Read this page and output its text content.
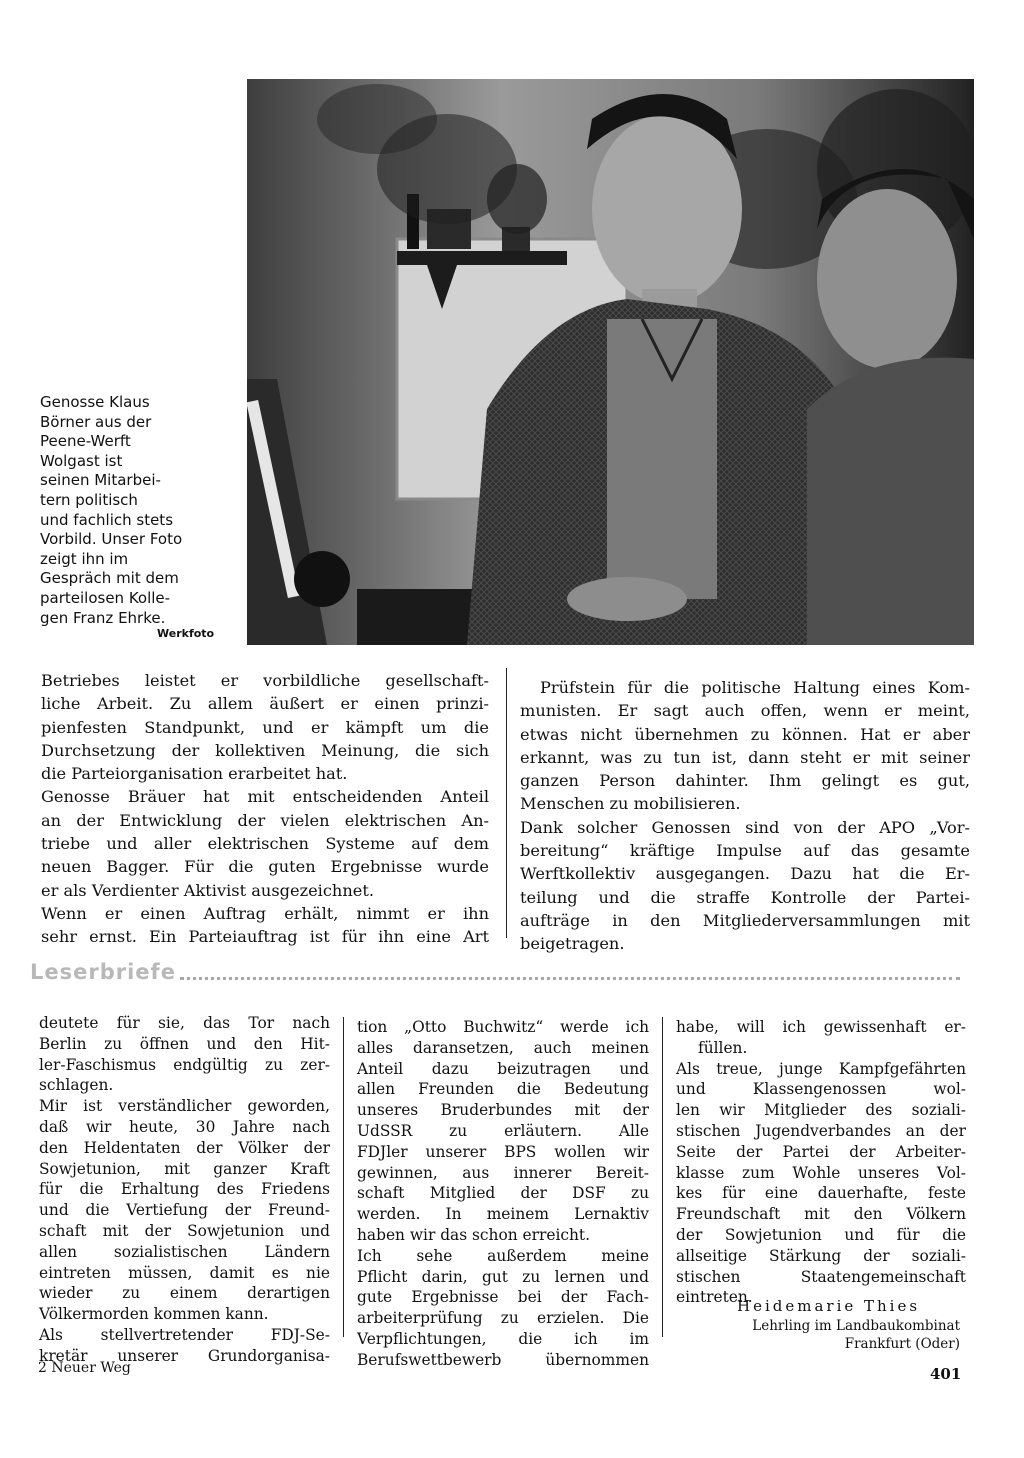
Genosse Klaus
Börner aus der
Peene-Werft
Wolgast ist
seinen Mitarbei-
tern politisch
und fachlich stets
Vorbild. Unser Foto
zeigt ihn im
Gespräch mit dem
parteilosen Kolle-
gen Franz Ehrke.
Werkfoto
Betriebes leistet er vorbildliche gesellschaft-
liche Arbeit. Zu allem äußert er einen prinzi-
pienfesten Standpunkt, und er kämpft um die
Durchsetzung der kollektiven Meinung, die sich
die Parteiorganisation erarbeitet hat.
Genosse Bräuer hat mit entscheidenden Anteil
an der Entwicklung der vielen elektrischen An-
triebe und aller elektrischen Systeme auf dem
neuen Bagger. Für die guten Ergebnisse wurde
er als Verdienter Aktivist ausgezeichnet.
Wenn er einen Auftrag erhält, nimmt er ihn
sehr ernst. Ein Parteiauftrag ist für ihn eine Art
Prüfstein für die politische Haltung eines Kom-
munisten. Er sagt auch offen, wenn er meint,
etwas nicht übernehmen zu können. Hat er aber
erkannt, was zu tun ist, dann steht er mit seiner
ganzen Person dahinter. Ihm gelingt es gut,
Menschen zu mobilisieren.
Dank solcher Genossen sind von der APO „Vor-
bereitung“ kräftige Impulse auf das gesamte
Werftkollektiv ausgegangen. Dazu hat die Er-
teilung und die straffe Kontrolle der Partei-
aufträge in den Mitgliederversammlungen mit
beigetragen.
Leserbriefe
deutete für sie, das Tor nach
Berlin zu öffnen und den Hit-
ler-Faschismus endgültig zu zer-
schlagen.
Mir ist verständlicher geworden,
daß wir heute, 30 Jahre nach
den Heldentaten der Völker der
Sowjetunion, mit ganzer Kraft
für die Erhaltung des Friedens
und die Vertiefung der Freund-
schaft mit der Sowjetunion und
allen sozialistischen Ländern
eintreten müssen, damit es nie
wieder zu einem derartigen
Völkermorden kommen kann.
Als stellvertretender FDJ-Se-
kretär unserer Grundorganisa-
tion „Otto Buchwitz“ werde ich
alles daransetzen, auch meinen
Anteil dazu beizutragen und
allen Freunden die Bedeutung
unseres Bruderbundes mit der
UdSSR zu erläutern. Alle
FDJler unserer BPS wollen wir
gewinnen, aus innerer Bereit-
schaft Mitglied der DSF zu
werden. In meinem Lernaktiv
haben wir das schon erreicht.
Ich sehe außerdem meine
Pflicht darin, gut zu lernen und
gute Ergebnisse bei der Fach-
arbeiterprüfung zu erzielen. Die
Verpflichtungen, die ich im
Berufswettbewerb übernommen
habe, will ich gewissenhaft er-
füllen.
Als treue, junge Kampfgefährten
und Klassengenossen wol-
len wir Mitglieder des soziali-
stischen Jugendverbandes an der
Seite der Partei der Arbeiter-
klasse zum Wohle unseres Vol-
kes für eine dauerhafte, feste
Freundschaft mit den Völkern
der Sowjetunion und für die
allseitige Stärkung der soziali-
stischen Staatengemeinschaft
eintreten.
Heidemarie Thies
Lehrling im Landbaukombinat
Frankfurt (Oder)
2 Neuer Weg	401
